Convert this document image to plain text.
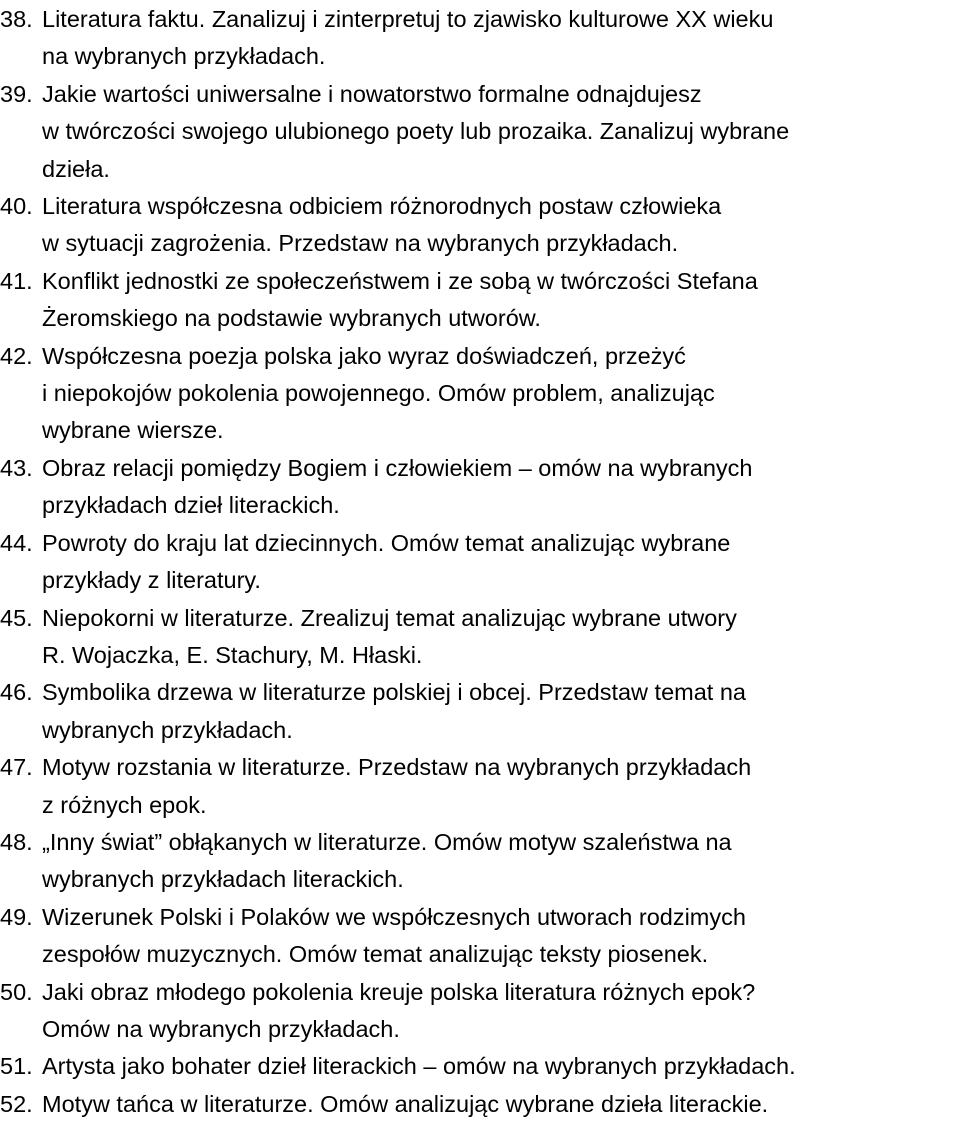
38. Literatura faktu. Zanalizuj i zinterpretuj to zjawisko kulturowe XX wieku
na wybranych przykładach.
39. Jakie wartości uniwersalne i nowatorstwo formalne odnajdujesz
w twórczości swojego ulubionego poety lub prozaika. Zanalizuj wybrane
dzieła.
40. Literatura współczesna odbiciem różnorodnych postaw człowieka
w sytuacji zagrożenia. Przedstaw na wybranych przykładach.
41. Konflikt jednostki ze społeczeństwem i ze sobą w twórczości Stefana
Żeromskiego na podstawie wybranych utworów.
42. Współczesna poezja polska jako wyraz doświadczeń, przeżyć
i niepokojów pokolenia powojennego. Omów problem, analizując
wybrane wiersze.
43. Obraz relacji pomiędzy Bogiem i człowiekiem – omów na wybranych
przykładach dzieł literackich.
44. Powroty do kraju lat dziecinnych. Omów temat analizując wybrane
przykłady z literatury.
45. Niepokorni w literaturze. Zrealizuj temat analizując wybrane utwory
R. Wojaczka, E. Stachury, M. Hłaski.
46. Symbolika drzewa w literaturze polskiej i obcej. Przedstaw temat na
wybranych przykładach.
47. Motyw rozstania w literaturze. Przedstaw na wybranych przykładach
z różnych epok.
48. „Inny świat” obłąkanych w literaturze. Omów motyw szaleństwa na
wybranych przykładach literackich.
49. Wizerunek Polski i Polaków we współczesnych utworach rodzimych
zespołów muzycznych. Omów temat analizując teksty piosenek.
50. Jaki obraz młodego pokolenia kreuje polska literatura różnych epok?
Omów na wybranych przykładach.
51. Artysta jako bohater dzieł literackich – omów na wybranych przykładach.
52. Motyw tańca w literaturze. Omów analizując wybrane dzieła literackie.
